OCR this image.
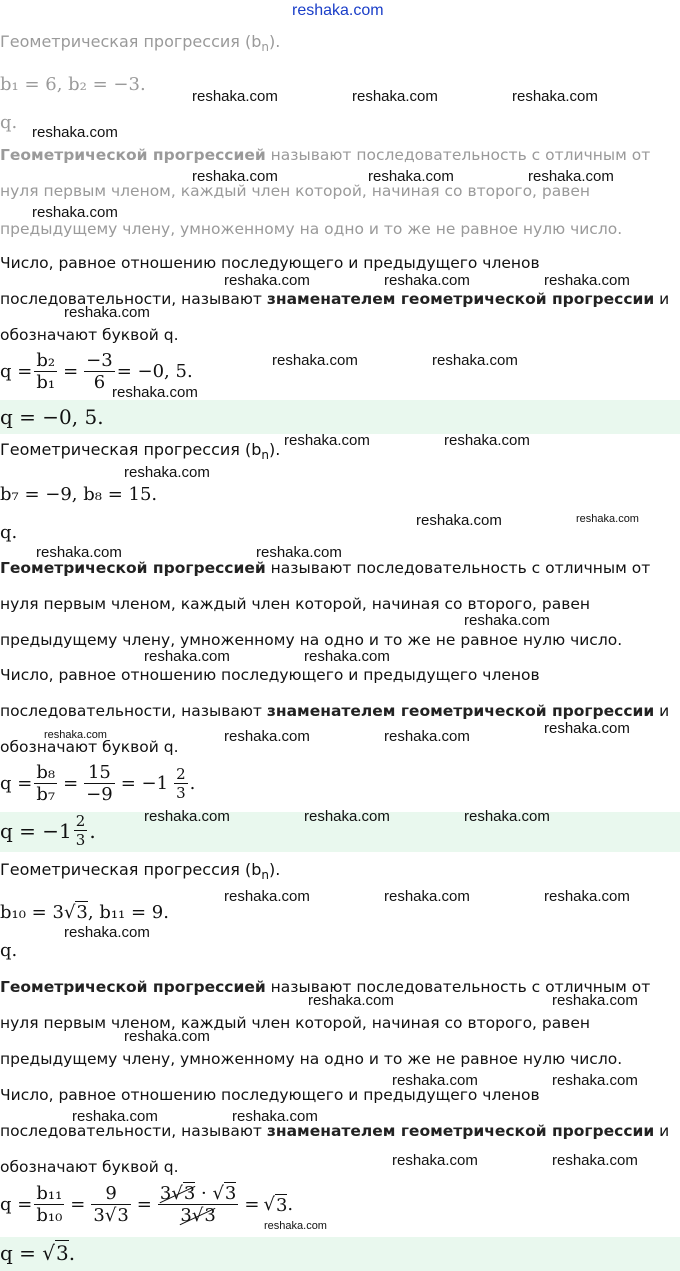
reshaka.com
Геометрическая прогрессия $(b_n)$.
b₁ = 6, b₂ = −3.
q.
Геометрической прогрессией называют последовательность с отличным от
нуля первым членом, каждый член которой, начиная со второго, равен
предыдущему члену, умноженному на одно и то же не равное нулю число.
Число, равное отношению последующего и предыдущего членов
последовательности, называют знаменателем геометрической прогрессии и
обозначают буквой q.
$q = \frac{\text{b₂}}{\text{b₁}} = \frac{-3}{6} = -0$, 5.
q = −0, 5.
Геометрическая прогрессия $(b_n)$.
b₇ = −9, b₈ = 15.
q.
Геометрической прогрессией называют последовательность с отличным от
нуля первым членом, каждый член которой, начиная со второго, равен
предыдущему члену, умноженному на одно и то же не равное нулю число.
Число, равное отношению последующего и предыдущего членов
последовательности, называют знаменателем геометрической прогрессии и
обозначают буквой q.
$q = \frac{\text{b₈}}{\text{b₇}} = \frac{15}{-9} = -1$ 2
3 .
q = −1 2
3 .
Геометрическая прогрессия $(b_n)$.
b₁₀ = 3√3, b₁₁ = 9.
q.
Геометрической прогрессией называют последовательность с отличным от
нуля первым членом, каждый член которой, начиная со второго, равен
предыдущему члену, умноженному на одно и то же не равное нулю число.
Число, равное отношению последующего и предыдущего членов
последовательности, называют знаменателем геометрической прогрессии и
обозначают буквой q.
$q = \frac{\text{b₁₁}}{\text{b₁₀}} = \frac{9}{3√3} = \frac{3√3 \cdot √3}{3√3}$ = √ 3 .
q = √3.
reshaka.com	reshaka.com	reshaka.com
reshaka.com
reshaka.com	reshaka.com	reshaka.com
reshaka.com
reshaka.com	reshaka.com	reshaka.com
reshaka.com
reshaka.com	reshaka.com
reshaka.com
reshaka.com	reshaka.com
reshaka.com
reshaka.com	reshaka.com
reshaka.com	reshaka.com
reshaka.com
reshaka.com	reshaka.com
reshaka.com	reshaka.com	reshaka.com	reshaka.com
reshaka.com	reshaka.com	reshaka.com
reshaka.com	reshaka.com	reshaka.com
reshaka.com
reshaka.com	reshaka.com
reshaka.com
reshaka.com	reshaka.com
reshaka.com	reshaka.com
reshaka.com	reshaka.com
reshaka.com
